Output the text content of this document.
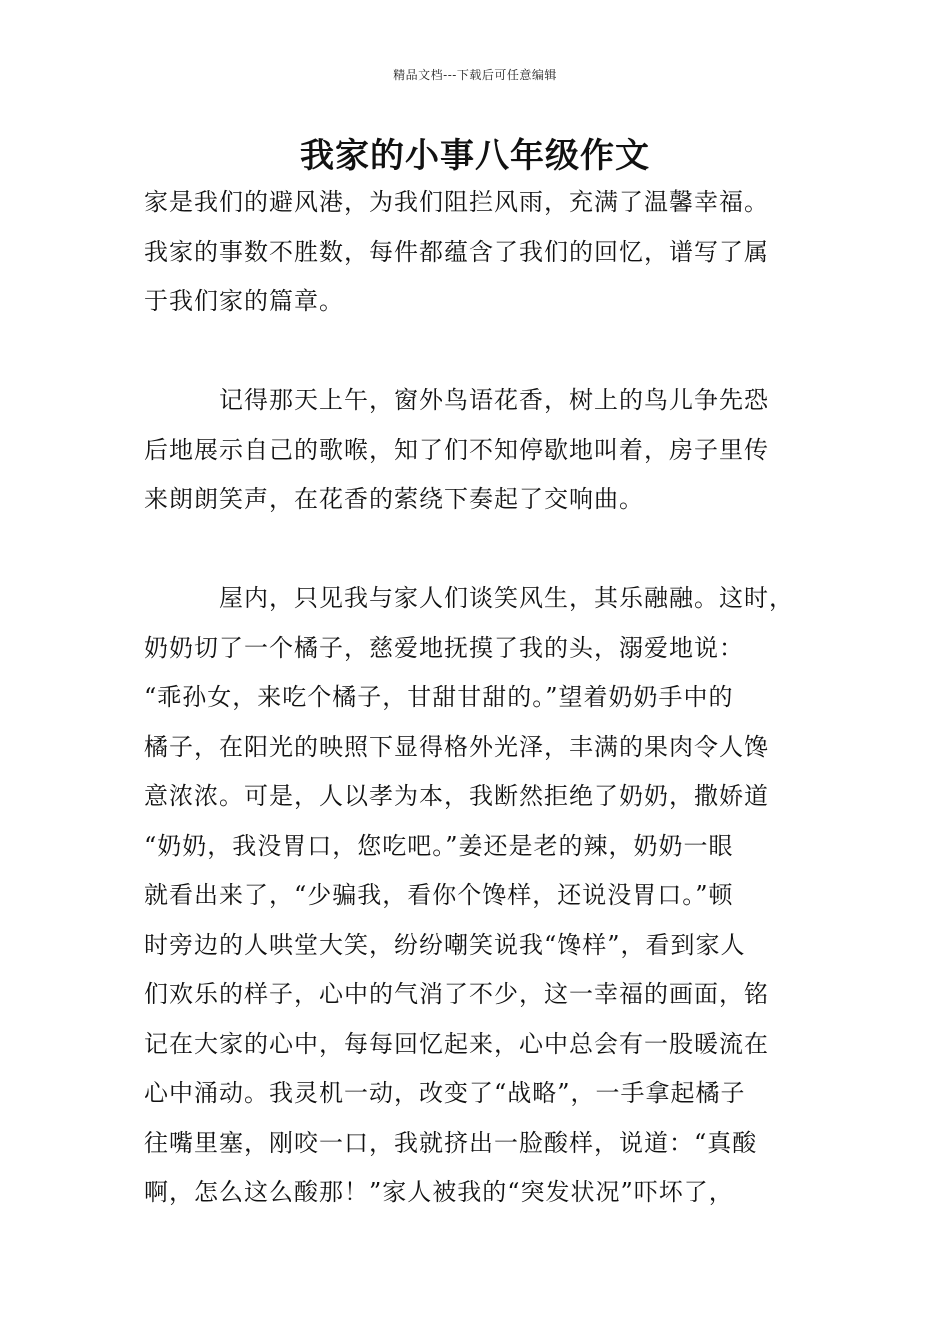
精品文档---下载后可任意编辑
我家的小事八年级作文
家是我们的避风港，为我们阻拦风雨，充满了温馨幸福。
我家的事数不胜数，每件都蕴含了我们的回忆，谱写了属
于我们家的篇章。
　　　记得那天上午，窗外鸟语花香，树上的鸟儿争先恐
后地展示自己的歌喉，知了们不知停歇地叫着，房子里传
来朗朗笑声，在花香的萦绕下奏起了交响曲。
　　　屋内，只见我与家人们谈笑风生，其乐融融。这时，
奶奶切了一个橘子，慈爱地抚摸了我的头，溺爱地说：
“乖孙女，来吃个橘子，甘甜甘甜的。”望着奶奶手中的
橘子，在阳光的映照下显得格外光泽，丰满的果肉令人馋
意浓浓。可是，人以孝为本，我断然拒绝了奶奶，撒娇道
“奶奶，我没胃口，您吃吧。”姜还是老的辣，奶奶一眼
就看出来了，“少骗我，看你个馋样，还说没胃口。”顿
时旁边的人哄堂大笑，纷纷嘲笑说我“馋样”，看到家人
们欢乐的样子，心中的气消了不少，这一幸福的画面，铭
记在大家的心中，每每回忆起来，心中总会有一股暖流在
心中涌动。我灵机一动，改变了“战略”，一手拿起橘子
往嘴里塞，刚咬一口，我就挤出一脸酸样，说道：“真酸
啊，怎么这么酸那！”家人被我的“突发状况”吓坏了，
